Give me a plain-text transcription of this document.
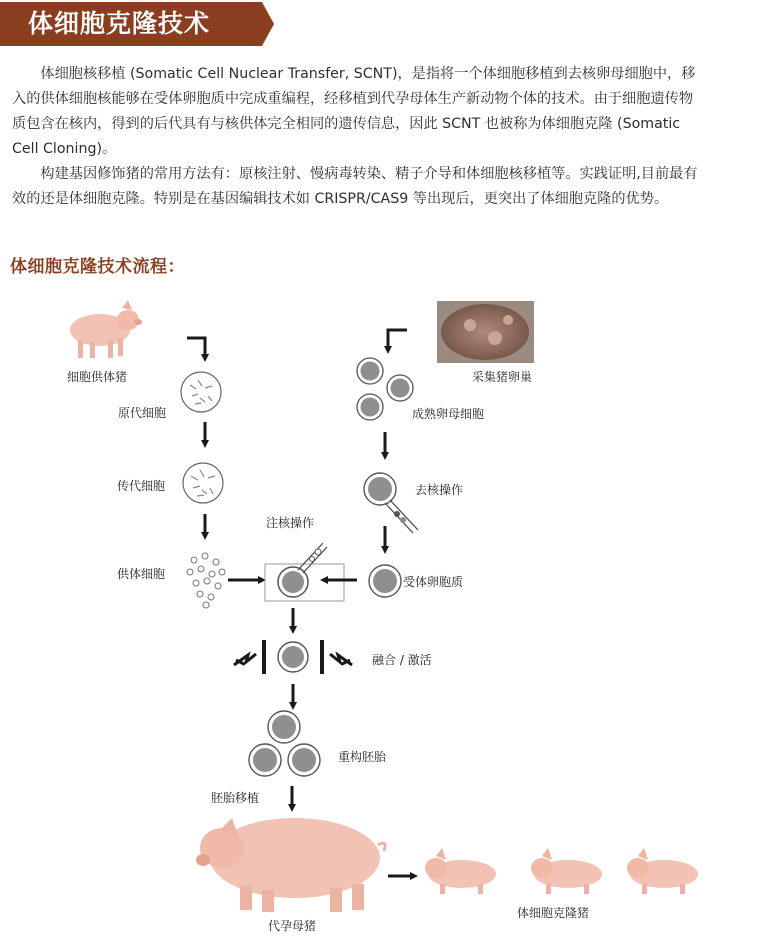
体细胞克隆技术
　　体细胞核移植 (Somatic Cell Nuclear Transfer, SCNT)，是指将一个体细胞移植到去核卵母细胞中，移入的供体细胞核能够在受体卵胞质中完成重编程，经移植到代孕母体生产新动物个体的技术。由于细胞遗传物质包含在核内，得到的后代具有与核供体完全相同的遗传信息，因此 SCNT 也被称为体细胞克隆 (Somatic Cell Cloning)。
　　构建基因修饰猪的常用方法有：原核注射、慢病毒转染、精子介导和体细胞核移植等。实践证明,目前最有效的还是体细胞克隆。特别是在基因编辑技术如 CRISPR/CAS9 等出现后，更突出了体细胞克隆的优势。
体细胞克隆技术流程：
细胞供体猪
原代细胞
传代细胞
供体细胞
注核操作
采集猪卵巢
成熟卵母细胞
去核操作
受体卵胞质
融合 / 激活
重构胚胎
胚胎移植
代孕母猪
体细胞克隆猪
